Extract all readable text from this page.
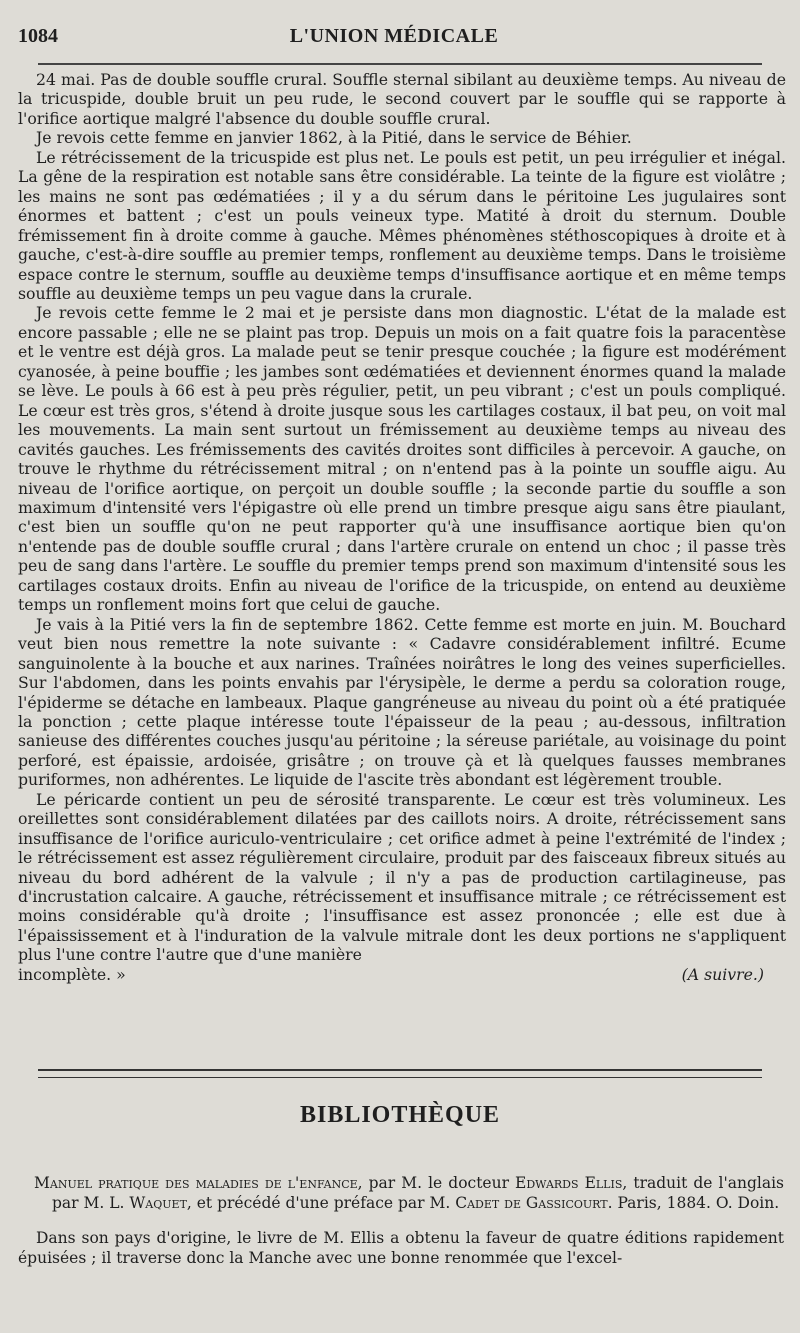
1084	L'UNION MÉDICALE

24 mai. Pas de double souffle crural. Souffle sternal sibilant au deuxième temps. Au niveau de la tricuspide, double bruit un peu rude, le second couvert par le souffle qui se rapporte à l'orifice aortique malgré l'absence du double souffle crural.

Je revois cette femme en janvier 1862, à la Pitié, dans le service de Béhier.

Le rétrécissement de la tricuspide est plus net. Le pouls est petit, un peu irrégulier et inégal. La gêne de la respiration est notable sans être considérable. La teinte de la figure est violâtre ; les mains ne sont pas œdématiées ; il y a du sérum dans le péritoine Les jugulaires sont énormes et battent ; c'est un pouls veineux type. Matité à droit du sternum. Double frémissement fin à droite comme à gauche. Mêmes phénomènes stéthoscopiques à droite et à gauche, c'est-à-dire souffle au premier temps, ronflement au deuxième temps. Dans le troisième espace contre le sternum, souffle au deuxième temps d'insuffisance aortique et en même temps souffle au deuxième temps un peu vague dans la crurale.

Je revois cette femme le 2 mai et je persiste dans mon diagnostic. L'état de la malade est encore passable ; elle ne se plaint pas trop. Depuis un mois on a fait quatre fois la paracentèse et le ventre est déjà gros. La malade peut se tenir presque couchée ; la figure est modérément cyanosée, à peine bouffie ; les jambes sont œdématiées et deviennent énormes quand la malade se lève. Le pouls à 66 est à peu près régulier, petit, un peu vibrant ; c'est un pouls compliqué. Le cœur est très gros, s'étend à droite jusque sous les cartilages costaux, il bat peu, on voit mal les mouvements. La main sent surtout un frémissement au deuxième temps au niveau des cavités gauches. Les frémissements des cavités droites sont difficiles à percevoir. A gauche, on trouve le rhythme du rétrécissement mitral ; on n'entend pas à la pointe un souffle aigu. Au niveau de l'orifice aortique, on perçoit un double souffle ; la seconde partie du souffle a son maximum d'intensité vers l'épigastre où elle prend un timbre presque aigu sans être piaulant, c'est bien un souffle qu'on ne peut rapporter qu'à une insuffisance aortique bien qu'on n'entende pas de double souffle crural ; dans l'artère crurale on entend un choc ; il passe très peu de sang dans l'artère. Le souffle du premier temps prend son maximum d'intensité sous les cartilages costaux droits. Enfin au niveau de l'orifice de la tricuspide, on entend au deuxième temps un ronflement moins fort que celui de gauche.

Je vais à la Pitié vers la fin de septembre 1862. Cette femme est morte en juin. M. Bouchard veut bien nous remettre la note suivante : « Cadavre considérablement infiltré. Ecume sanguinolente à la bouche et aux narines. Traînées noirâtres le long des veines superficielles. Sur l'abdomen, dans les points envahis par l'érysipèle, le derme a perdu sa coloration rouge, l'épiderme se détache en lambeaux. Plaque gangréneuse au niveau du point où a été pratiquée la ponction ; cette plaque intéresse toute l'épaisseur de la peau ; au-dessous, infiltration sanieuse des différentes couches jusqu'au péritoine ; la séreuse pariétale, au voisinage du point perforé, est épaissie, ardoisée, grisâtre ; on trouve çà et là quelques fausses membranes puriformes, non adhérentes. Le liquide de l'ascite très abondant est légèrement trouble.

Le péricarde contient un peu de sérosité transparente. Le cœur est très volumineux. Les oreillettes sont considérablement dilatées par des caillots noirs. A droite, rétrécissement sans insuffisance de l'orifice auriculo-ventriculaire ; cet orifice admet à peine l'extrémité de l'index ; le rétrécissement est assez régulièrement circulaire, produit par des faisceaux fibreux situés au niveau du bord adhérent de la valvule ; il n'y a pas de production cartilagineuse, pas d'incrustation calcaire. A gauche, rétrécissement et insuffisance mitrale ; ce rétrécissement est moins considérable qu'à droite ; l'insuffisance est assez prononcée ; elle est due à l'épaississement et à l'induration de la valvule mitrale dont les deux portions ne s'appliquent plus l'une contre l'autre que d'une manière

incomplète. »	(A suivre.)
BIBLIOTHÈQUE

Manuel pratique des maladies de l'enfance, par M. le docteur Edwards Ellis, traduit de l'anglais par M. L. Waquet, et précédé d'une préface par M. Cadet de Gassicourt. Paris, 1884. O. Doin.

Dans son pays d'origine, le livre de M. Ellis a obtenu la faveur de quatre éditions rapidement épuisées ; il traverse donc la Manche avec une bonne renommée que l'excel-
